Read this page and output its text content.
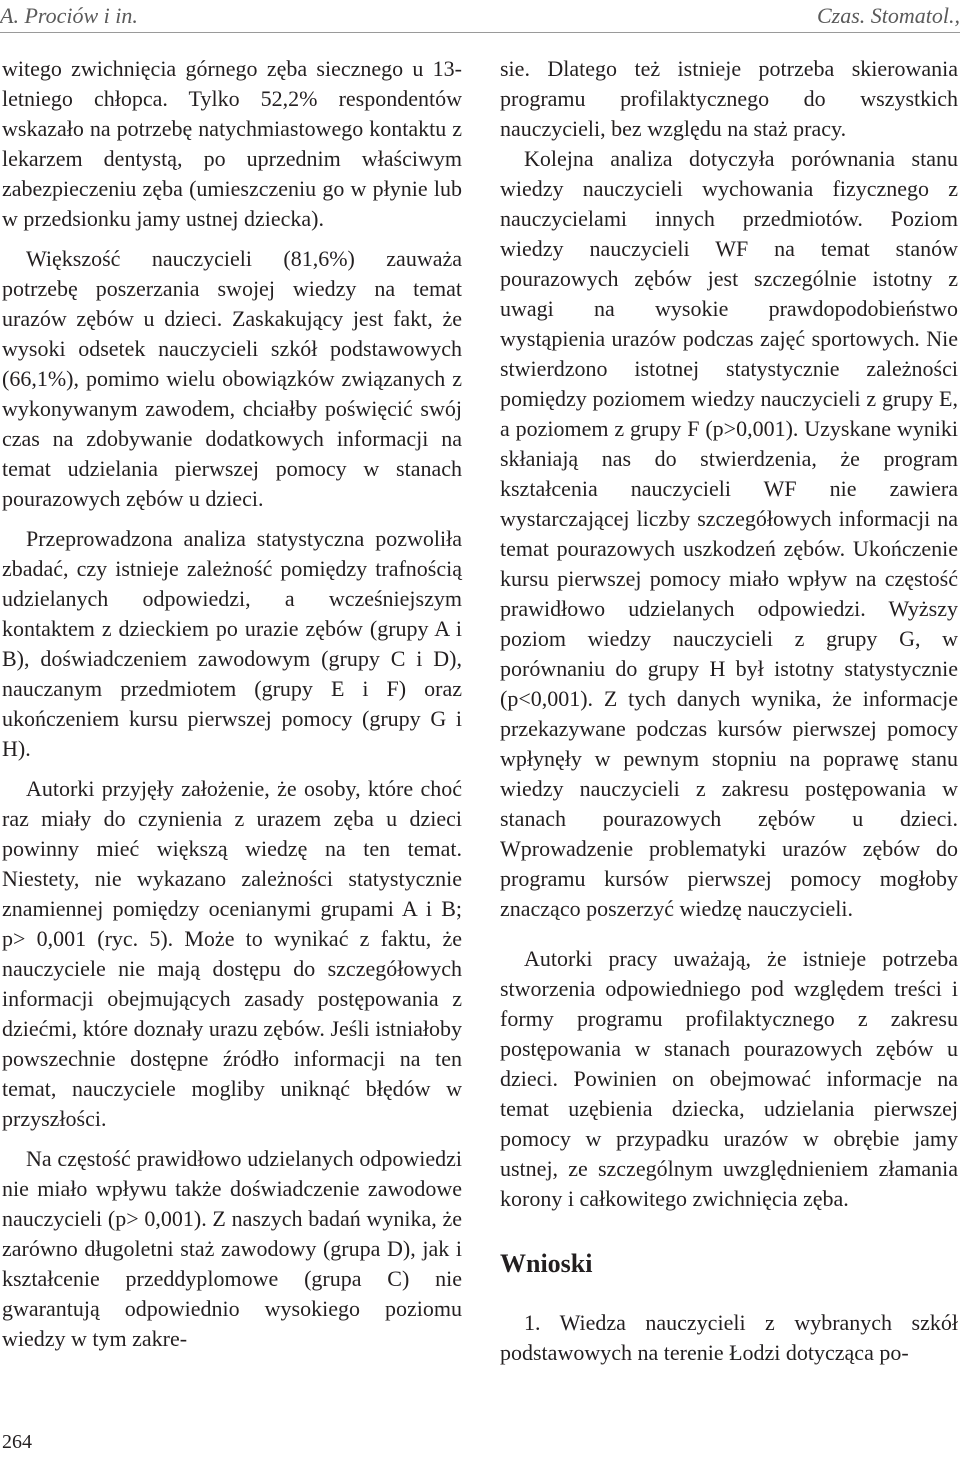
A. Prociów i in.	Czas. Stomatol.,

witego zwichnięcia górnego zęba siecznego u 13-letniego chłopca. Tylko 52,2% respondentów wskazało na potrzebę natychmiastowego kontaktu z lekarzem dentystą, po uprzednim właściwym zabezpieczeniu zęba (umieszczeniu go w płynie lub w przedsionku jamy ustnej dziecka).

Większość nauczycieli (81,6%) zauważa potrzebę poszerzania swojej wiedzy na temat urazów zębów u dzieci. Zaskakujący jest fakt, że wysoki odsetek nauczycieli szkół podstawowych (66,1%), pomimo wielu obowiązków związanych z wykonywanym zawodem, chciałby poświęcić swój czas na zdobywanie dodatkowych informacji na temat udzielania pierwszej pomocy w stanach pourazowych zębów u dzieci.

Przeprowadzona analiza statystyczna pozwoliła zbadać, czy istnieje zależność pomiędzy trafnością udzielanych odpowiedzi, a wcześniejszym kontaktem z dzieckiem po urazie zębów (grupy A i B), doświadczeniem zawodowym (grupy C i D), nauczanym przedmiotem (grupy E i F) oraz ukończeniem kursu pierwszej pomocy (grupy G i H).

Autorki przyjęły założenie, że osoby, które choć raz miały do czynienia z urazem zęba u dzieci powinny mieć większą wiedzę na ten temat. Niestety, nie wykazano zależności statystycznie znamiennej pomiędzy ocenianymi grupami A i B; p> 0,001 (ryc. 5). Może to wynikać z faktu, że nauczyciele nie mają dostępu do szczegółowych informacji obejmujących zasady postępowania z dziećmi, które doznały urazu zębów. Jeśli istniałoby powszechnie dostępne źródło informacji na ten temat, nauczyciele mogliby uniknąć błędów w przyszłości.

Na częstość prawidłowo udzielanych odpowiedzi nie miało wpływu także doświadczenie zawodowe nauczycieli (p> 0,001). Z naszych badań wynika, że zarówno długoletni staż zawodowy (grupa D), jak i kształcenie przeddyplomowe (grupa C) nie gwarantują odpowiednio wysokiego poziomu wiedzy w tym zakre-

sie. Dlatego też istnieje potrzeba skierowania programu profilaktycznego do wszystkich nauczycieli, bez względu na staż pracy.

Kolejna analiza dotyczyła porównania stanu wiedzy nauczycieli wychowania fizycznego z nauczycielami innych przedmiotów. Poziom wiedzy nauczycieli WF na temat stanów pourazowych zębów jest szczególnie istotny z uwagi na wysokie prawdopodobieństwo wystąpienia urazów podczas zajęć sportowych. Nie stwierdzono istotnej statystycznie zależności pomiędzy poziomem wiedzy nauczycieli z grupy E, a poziomem z grupy F (p>0,001). Uzyskane wyniki skłaniają nas do stwierdzenia, że program kształcenia nauczycieli WF nie zawiera wystarczającej liczby szczegółowych informacji na temat pourazowych uszkodzeń zębów. Ukończenie kursu pierwszej pomocy miało wpływ na częstość prawidłowo udzielanych odpowiedzi. Wyższy poziom wiedzy nauczycieli z grupy G, w porównaniu do grupy H był istotny statystycznie (p<0,001). Z tych danych wynika, że informacje przekazywane podczas kursów pierwszej pomocy wpłynęły w pewnym stopniu na poprawę stanu wiedzy nauczycieli z zakresu postępowania w stanach pourazowych zębów u dzieci. Wprowadzenie problematyki urazów zębów do programu kursów pierwszej pomocy mogłoby znacząco poszerzyć wiedzę nauczycieli.

Autorki pracy uważają, że istnieje potrzeba stworzenia odpowiedniego pod względem treści i formy programu profilaktycznego z zakresu postępowania w stanach pourazowych zębów u dzieci. Powinien on obejmować informacje na temat uzębienia dziecka, udzielania pierwszej pomocy w przypadku urazów w obrębie jamy ustnej, ze szczególnym uwzględnieniem złamania korony i całkowitego zwichnięcia zęba.

Wnioski

1. Wiedza nauczycieli z wybranych szkół podstawowych na terenie Łodzi dotycząca po-

264
